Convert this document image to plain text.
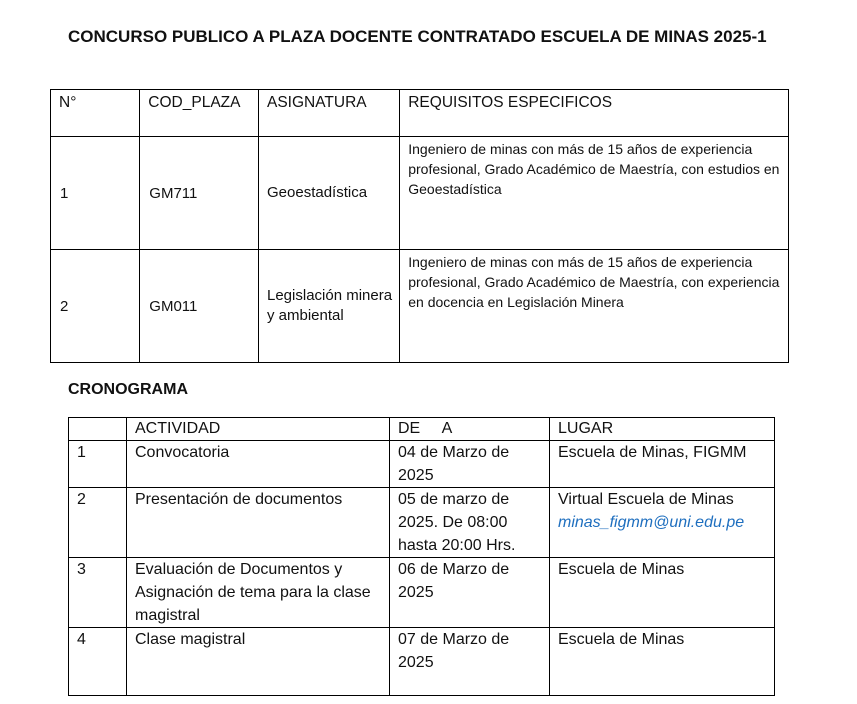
CONCURSO PUBLICO A PLAZA DOCENTE CONTRATADO ESCUELA DE MINAS 2025-1
N°	COD_PLAZA	ASIGNATURA	REQUISITOS ESPECIFICOS
1	GM711	Geoestadística	Ingeniero de minas con más de 15 años de experiencia profesional, Grado Académico de Maestría, con estudios en Geoestadística
2	GM011	Legislación minera y ambiental	Ingeniero de minas con más de 15 años de experiencia profesional, Grado Académico de Maestría, con experiencia en docencia en Legislación Minera
CRONOGRAMA
	ACTIVIDAD	DE     A	LUGAR
1	Convocatoria	04 de Marzo de 2025	Escuela de Minas, FIGMM
2	Presentación de documentos	05 de marzo de 2025. De 08:00 hasta 20:00 Hrs.	Virtual Escuela de Minas
minas_figmm@uni.edu.pe

3	Evaluación de Documentos y Asignación de tema para la clase magistral	06 de Marzo de 2025	Escuela de Minas
4	Clase magistral	07 de Marzo de 2025	Escuela de Minas
